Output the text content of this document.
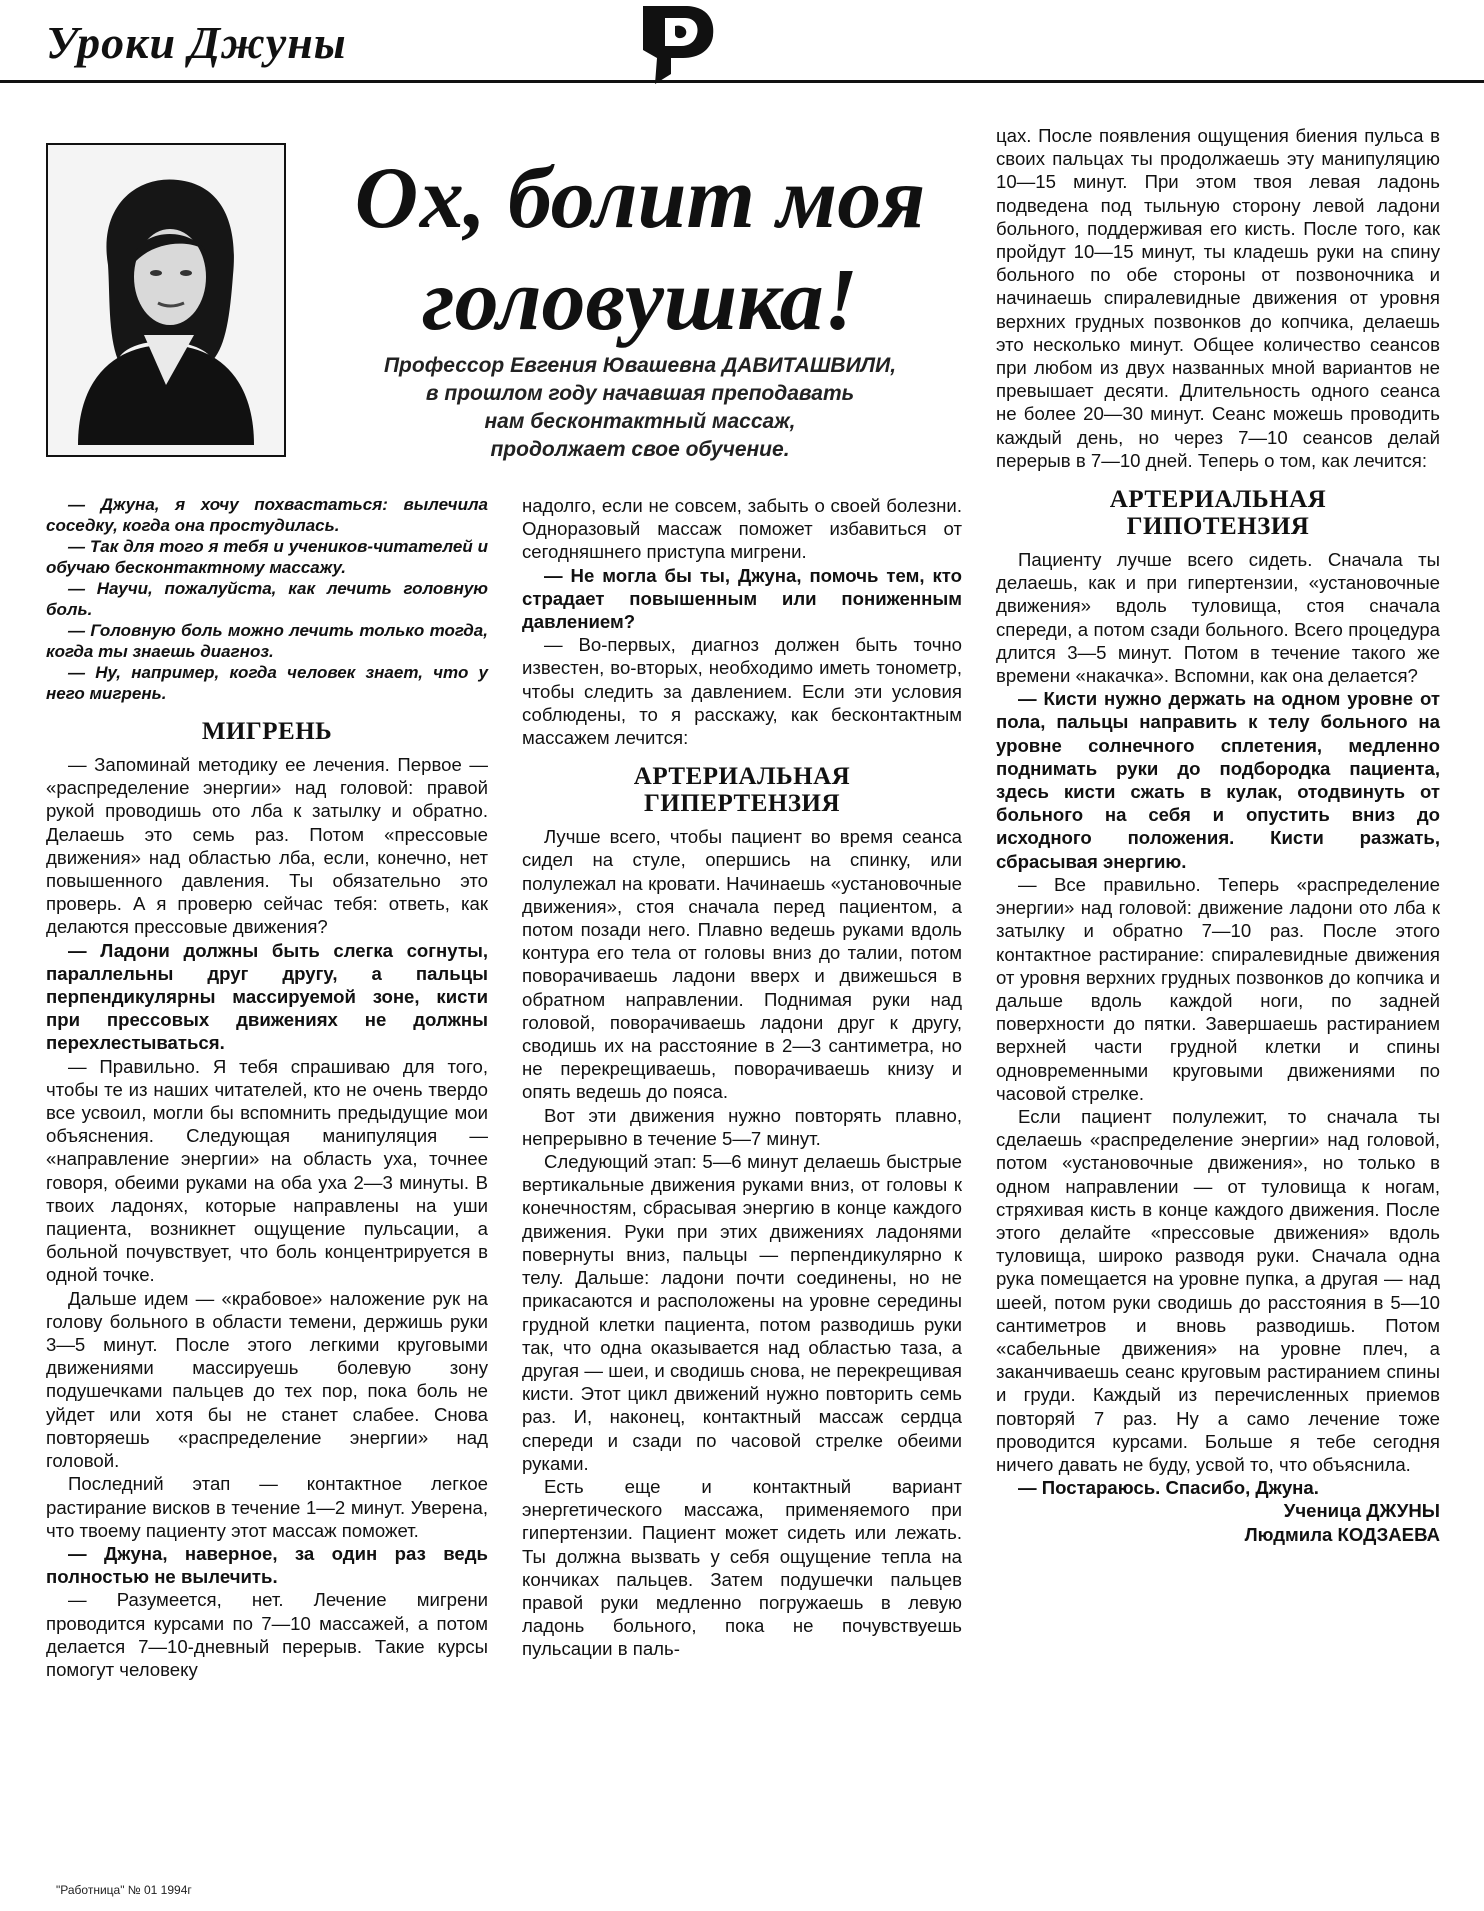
Уроки Джуны
Ох, болит моя
головушка!
Профессор Евгения Ювашевна ДАВИТАШВИЛИ,
в прошлом году начавшая преподавать
нам бесконтактный массаж,
продолжает свое обучение.

— Джуна, я хочу похвастаться: вылечила соседку, когда она простудилась.

— Так для того я тебя и учеников-читателей и обучаю бесконтактному массажу.

— Научи, пожалуйста, как лечить головную боль.

— Головную боль можно лечить только тогда, когда ты знаешь диагноз.

— Ну, например, когда человек знает, что у него мигрень.

МИГРЕНЬ

— Запоминай методику ее лечения. Первое — «распределение энергии» над головой: правой рукой проводишь ото лба к затылку и обратно. Делаешь это семь раз. Потом «прессовые движения» над областью лба, если, конечно, нет повышенного давления. Ты обязательно это проверь. А я проверю сейчас тебя: ответь, как делаются прессовые движения?

— Ладони должны быть слегка согнуты, параллельны друг другу, а пальцы перпендикулярны массируемой зоне, кисти при прессовых движениях не должны перехлестываться.

— Правильно. Я тебя спрашиваю для того, чтобы те из наших читателей, кто не очень твердо все усвоил, могли бы вспомнить предыдущие мои объяснения. Следующая манипуляция — «направление энергии» на область уха, точнее говоря, обеими руками на оба уха 2—3 минуты. В твоих ладонях, которые направлены на уши пациента, возникнет ощущение пульсации, а больной почувствует, что боль концентрируется в одной точке.

Дальше идем — «крабовое» наложение рук на голову больного в области темени, держишь руки 3—5 минут. После этого легкими круговыми движениями массируешь болевую зону подушечками пальцев до тех пор, пока боль не уйдет или хотя бы не станет слабее. Снова повторяешь «распределение энергии» над головой.

Последний этап — контактное легкое растирание висков в течение 1—2 минут. Уверена, что твоему пациенту этот массаж поможет.

— Джуна, наверное, за один раз ведь полностью не вылечить.

— Разумеется, нет. Лечение мигрени проводится курсами по 7—10 массажей, а потом делается 7—10-дневный перерыв. Такие курсы помогут человеку

надолго, если не совсем, забыть о своей болезни. Одноразовый массаж поможет избавиться от сегодняшнего приступа мигрени.

— Не могла бы ты, Джуна, помочь тем, кто страдает повышенным или пониженным давлением?

— Во-первых, диагноз должен быть точно известен, во-вторых, необходимо иметь тонометр, чтобы следить за давлением. Если эти условия соблюдены, то я расскажу, как бесконтактным массажем лечится:

АРТЕРИАЛЬНАЯ
ГИПЕРТЕНЗИЯ

Лучше всего, чтобы пациент во время сеанса сидел на стуле, опершись на спинку, или полулежал на кровати. Начинаешь «установочные движения», стоя сначала перед пациентом, а потом позади него. Плавно ведешь руками вдоль контура его тела от головы вниз до талии, потом поворачиваешь ладони вверх и движешься в обратном направлении. Поднимая руки над головой, поворачиваешь ладони друг к другу, сводишь их на расстояние в 2—3 сантиметра, но не перекрещиваешь, поворачиваешь книзу и опять ведешь до пояса.

Вот эти движения нужно повторять плавно, непрерывно в течение 5—7 минут.

Следующий этап: 5—6 минут делаешь быстрые вертикальные движения руками вниз, от головы к конечностям, сбрасывая энергию в конце каждого движения. Руки при этих движениях ладонями повернуты вниз, пальцы — перпендикулярно к телу. Дальше: ладони почти соединены, но не прикасаются и расположены на уровне середины грудной клетки пациента, потом разводишь руки так, что одна оказывается над областью таза, а другая — шеи, и сводишь снова, не перекрещивая кисти. Этот цикл движений нужно повторить семь раз. И, наконец, контактный массаж сердца спереди и сзади по часовой стрелке обеими руками.

Есть еще и контактный вариант энергетического массажа, применяемого при гипертензии. Пациент может сидеть или лежать. Ты должна вызвать у себя ощущение тепла на кончиках пальцев. Затем подушечки пальцев правой руки медленно погружаешь в левую ладонь больного, пока не почувствуешь пульсации в паль-

цах. После появления ощущения биения пульса в своих пальцах ты продолжаешь эту манипуляцию 10—15 минут. При этом твоя левая ладонь подведена под тыльную сторону левой ладони больного, поддерживая его кисть. После того, как пройдут 10—15 минут, ты кладешь руки на спину больного по обе стороны от позвоночника и начинаешь спиралевидные движения от уровня верхних грудных позвонков до копчика, делаешь это несколько минут. Общее количество сеансов при любом из двух названных мной вариантов не превышает десяти. Длительность одного сеанса не более 20—30 минут. Сеанс можешь проводить каждый день, но через 7—10 сеансов делай перерыв в 7—10 дней. Теперь о том, как лечится:

АРТЕРИАЛЬНАЯ
ГИПОТЕНЗИЯ

Пациенту лучше всего сидеть. Сначала ты делаешь, как и при гипертензии, «установочные движения» вдоль туловища, стоя сначала спереди, а потом сзади больного. Всего процедура длится 3—5 минут. Потом в течение такого же времени «накачка». Вспомни, как она делается?

— Кисти нужно держать на одном уровне от пола, пальцы направить к телу больного на уровне солнечного сплетения, медленно поднимать руки до подбородка пациента, здесь кисти сжать в кулак, отодвинуть от больного на себя и опустить вниз до исходного положения. Кисти разжать, сбрасывая энергию.

— Все правильно. Теперь «распределение энергии» над головой: движение ладони ото лба к затылку и обратно 7—10 раз. После этого контактное растирание: спиралевидные движения от уровня верхних грудных позвонков до копчика и дальше вдоль каждой ноги, по задней поверхности до пятки. Завершаешь растиранием верхней части грудной клетки и спины одновременными круговыми движениями по часовой стрелке.

Если пациент полулежит, то сначала ты сделаешь «распределение энергии» над головой, потом «установочные движения», но только в одном направлении — от туловища к ногам, стряхивая кисть в конце каждого движения. После этого делайте «прессовые движения» вдоль туловища, широко разводя руки. Сначала одна рука помещается на уровне пупка, а другая — над шеей, потом руки сводишь до расстояния в 5—10 сантиметров и вновь разводишь. Потом «сабельные движения» на уровне плеч, а заканчиваешь сеанс круговым растиранием спины и груди. Каждый из перечисленных приемов повторяй 7 раз. Ну а само лечение тоже проводится курсами. Больше я тебе сегодня ничего давать не буду, усвой то, что объяснила.

— Постараюсь. Спасибо, Джуна.

Ученица ДЖУНЫ

Людмила КОДЗАЕВА

"Работница" № 01 1994г
